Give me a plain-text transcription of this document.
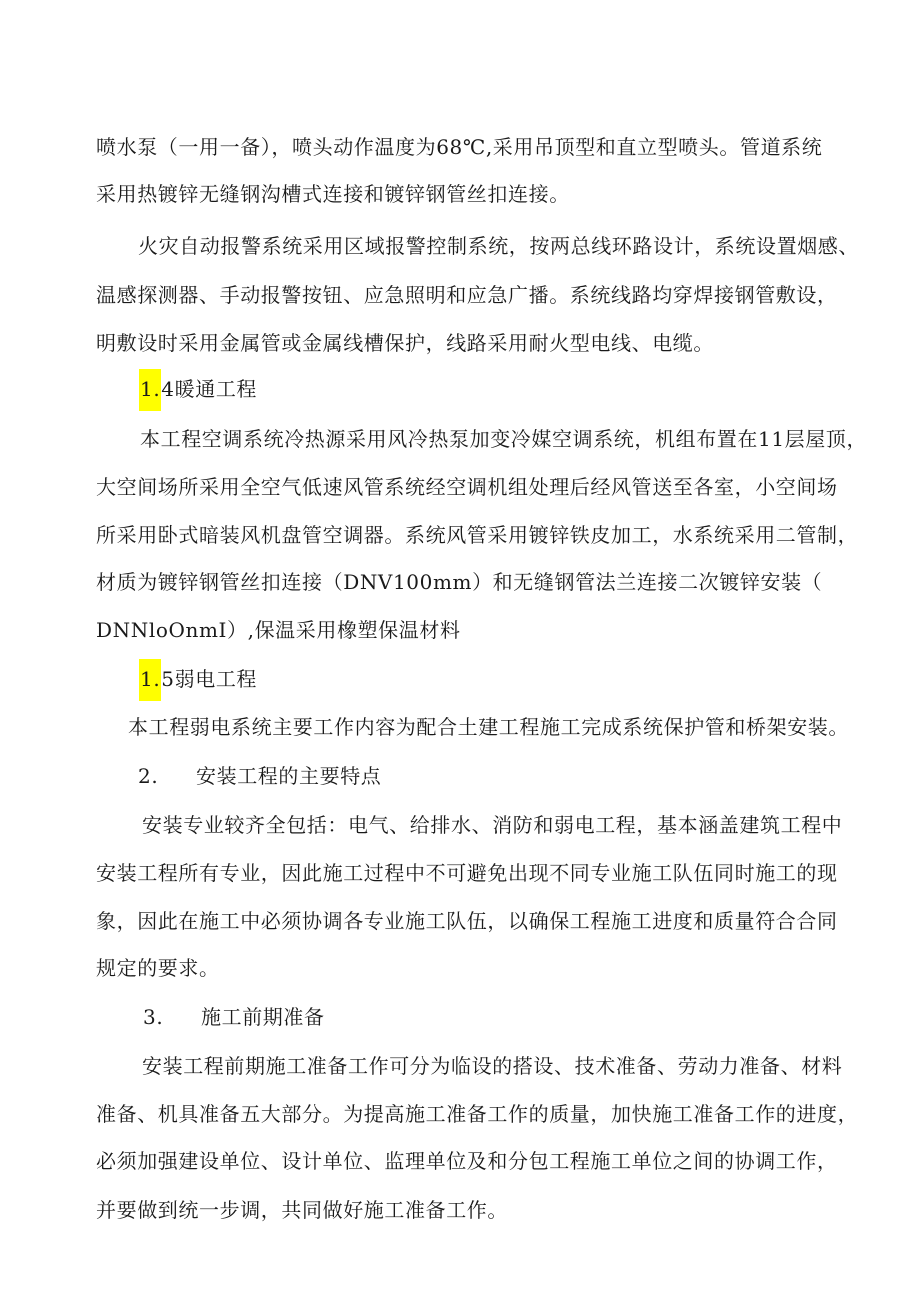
喷水泵（一用一备），喷头动作温度为68℃,采用吊顶型和直立型喷头。管道系统
采用热镀锌无缝钢沟槽式连接和镀锌钢管丝扣连接。
火灾自动报警系统采用区域报警控制系统，按两总线环路设计，系统设置烟感、
温感探测器、手动报警按钮、应急照明和应急广播。系统线路均穿焊接钢管敷设，
明敷设时采用金属管或金属线槽保护，线路采用耐火型电线、电缆。
1.4暖通工程
本工程空调系统冷热源采用风冷热泵加变冷媒空调系统，机组布置在11层屋顶，
大空间场所采用全空气低速风管系统经空调机组处理后经风管送至各室，小空间场
所采用卧式暗装风机盘管空调器。系统风管采用镀锌铁皮加工，水系统采用二管制，
材质为镀锌钢管丝扣连接（DNV100mm）和无缝钢管法兰连接二次镀锌安装（
DNNloOnmI）,保温采用橡塑保温材料
1.5弱电工程
本工程弱电系统主要工作内容为配合土建工程施工完成系统保护管和桥架安装。
2. 安装工程的主要特点
安装专业较齐全包括：电气、给排水、消防和弱电工程，基本涵盖建筑工程中
安装工程所有专业，因此施工过程中不可避免出现不同专业施工队伍同时施工的现
象，因此在施工中必须协调各专业施工队伍，以确保工程施工进度和质量符合合同
规定的要求。
3. 施工前期准备
安装工程前期施工准备工作可分为临设的搭设、技术准备、劳动力准备、材料
准备、机具准备五大部分。为提高施工准备工作的质量，加快施工准备工作的进度，
必须加强建设单位、设计单位、监理单位及和分包工程施工单位之间的协调工作，
并要做到统一步调，共同做好施工准备工作。
